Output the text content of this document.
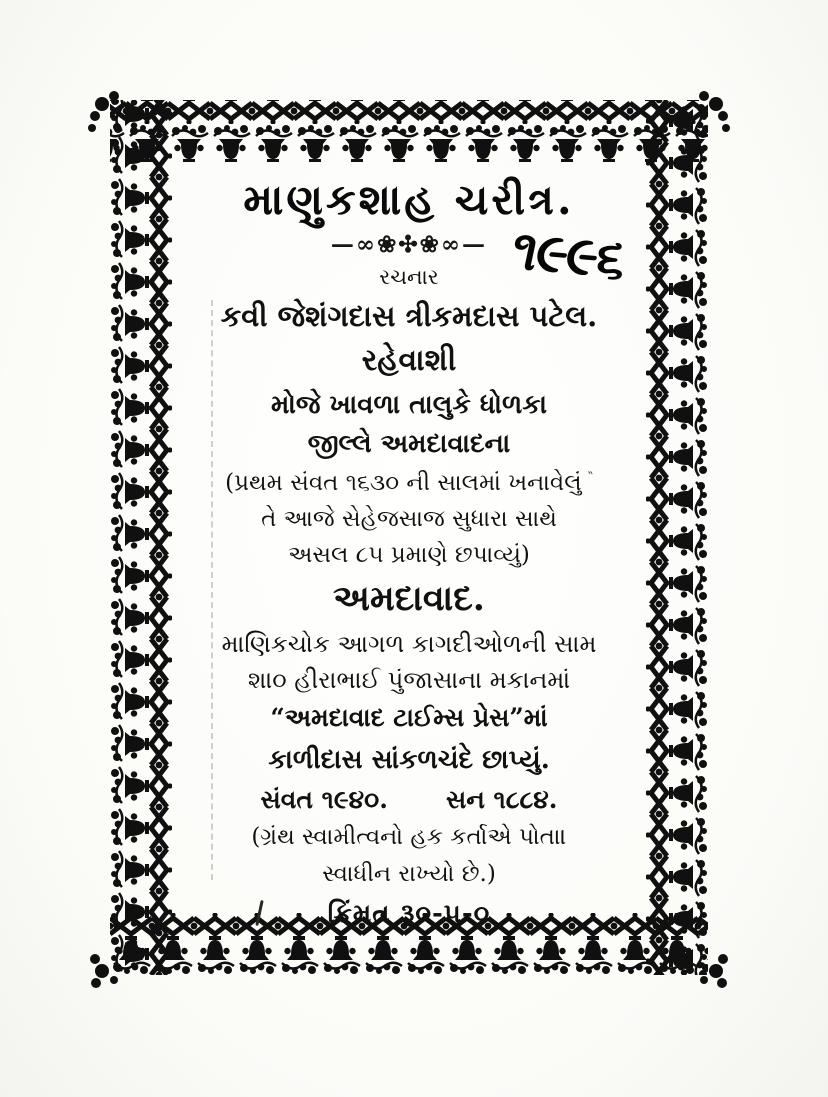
૧૯૯૬
માણુકશાહ ચરીત્ર.
—∞❀✣❀∞—
રચનાર
કવી જેશંગદાસ ત્રીકમદાસ પટેલ.
રહેવાશી
મોજે ખાવળા તાલુકે ધોળકા
જીલ્લે અમદાવાદના
(પ્રથમ સંવત ૧૬૩૦ ની સાલમાં ખનાવેલું ‶
તે આજે સેહેજસાજ સુધારા સાથે
અસલ ૮૫ પ્રમાણે છપાવ્યું)
અમદાવાદ.
માણિકચોક આગળ કાગદીઓળની સામ
શા૦ હીરાભાઈ પુંજાસાના મકાનમાં
“અમદાવાદ ટાઈમ્સ પ્રેસ”માં
કાળીદાસ સાંકળચંદે છાપ્યું.
સંવત ૧૯૪૦. સન ૧૮૮૪.
(ગ્રંથ સ્વામીત્વનો હક કર્તાએ પોતા।
સ્વાધીન રાખ્યો છે.)
કિંમત રૂ૦-૫-૦
